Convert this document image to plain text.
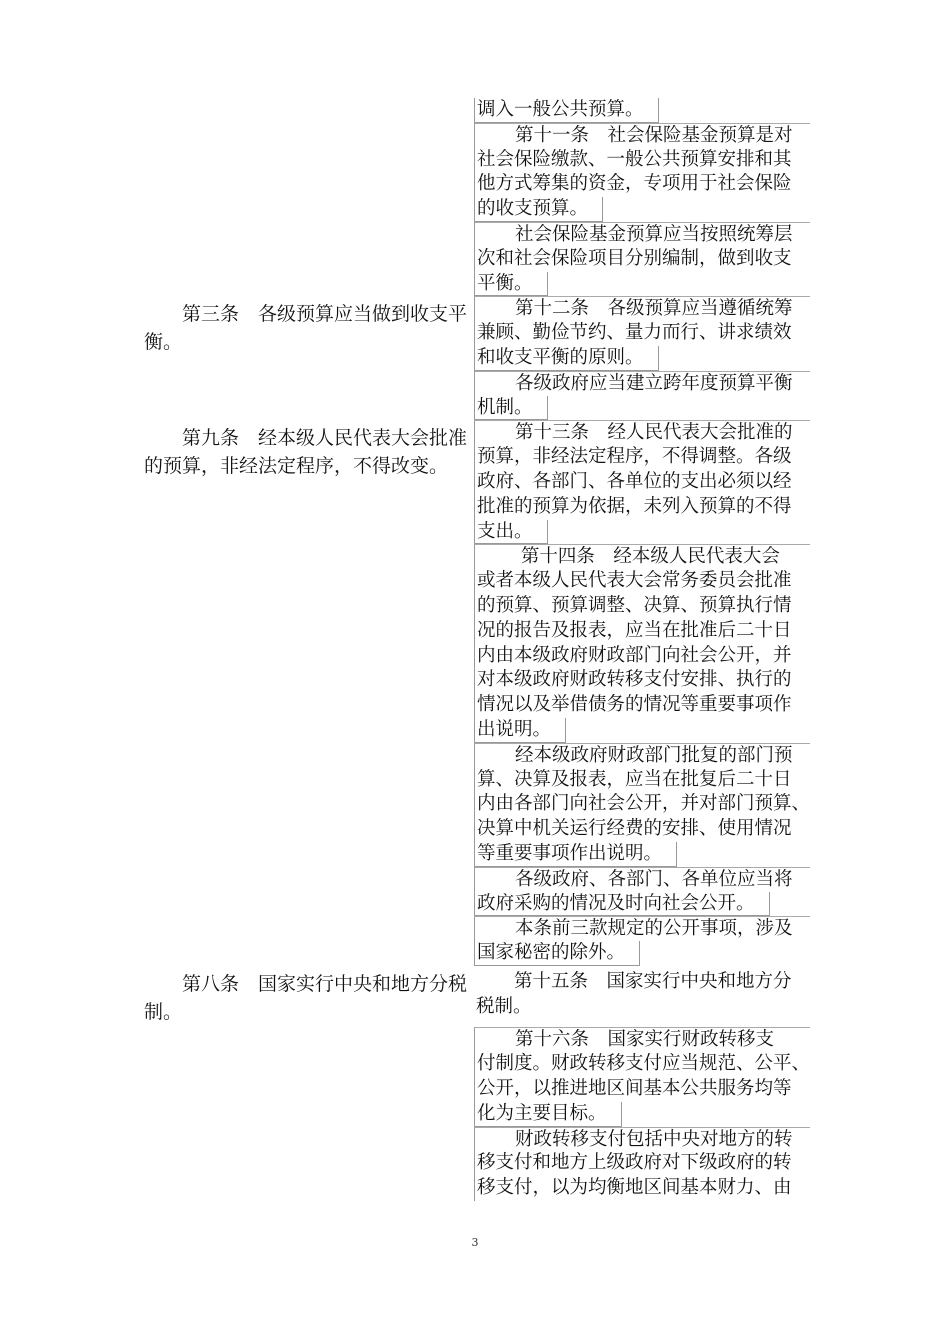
第三条　各级预算应当做到收支平
衡。
第九条　经本级人民代表大会批准
的预算，非经法定程序，不得改变。
第八条　国家实行中央和地方分税
制。
调入一般公共预算。
第十一条　社会保险基金预算是对
社会保险缴款、一般公共预算安排和其
他方式筹集的资金，专项用于社会保险
的收支预算。
社会保险基金预算应当按照统筹层
次和社会保险项目分别编制，做到收支
平衡。
第十二条　各级预算应当遵循统筹
兼顾、勤俭节约、量力而行、讲求绩效
和收支平衡的原则。
各级政府应当建立跨年度预算平衡
机制。
第十三条　经人民代表大会批准的
预算，非经法定程序，不得调整。各级
政府、各部门、各单位的支出必须以经
批准的预算为依据，未列入预算的不得
支出。
第十四条　经本级人民代表大会
或者本级人民代表大会常务委员会批准
的预算、预算调整、决算、预算执行情
况的报告及报表，应当在批准后二十日
内由本级政府财政部门向社会公开，并
对本级政府财政转移支付安排、执行的
情况以及举借债务的情况等重要事项作
出说明。
经本级政府财政部门批复的部门预
算、决算及报表，应当在批复后二十日
内由各部门向社会公开，并对部门预算、
决算中机关运行经费的安排、使用情况
等重要事项作出说明。
各级政府、各部门、各单位应当将
政府采购的情况及时向社会公开。
本条前三款规定的公开事项，涉及
国家秘密的除外。
第十五条　国家实行中央和地方分
税制。
第十六条　国家实行财政转移支
付制度。财政转移支付应当规范、公平、
公开，以推进地区间基本公共服务均等
化为主要目标。
财政转移支付包括中央对地方的转
移支付和地方上级政府对下级政府的转
移支付，以为均衡地区间基本财力、由
3
